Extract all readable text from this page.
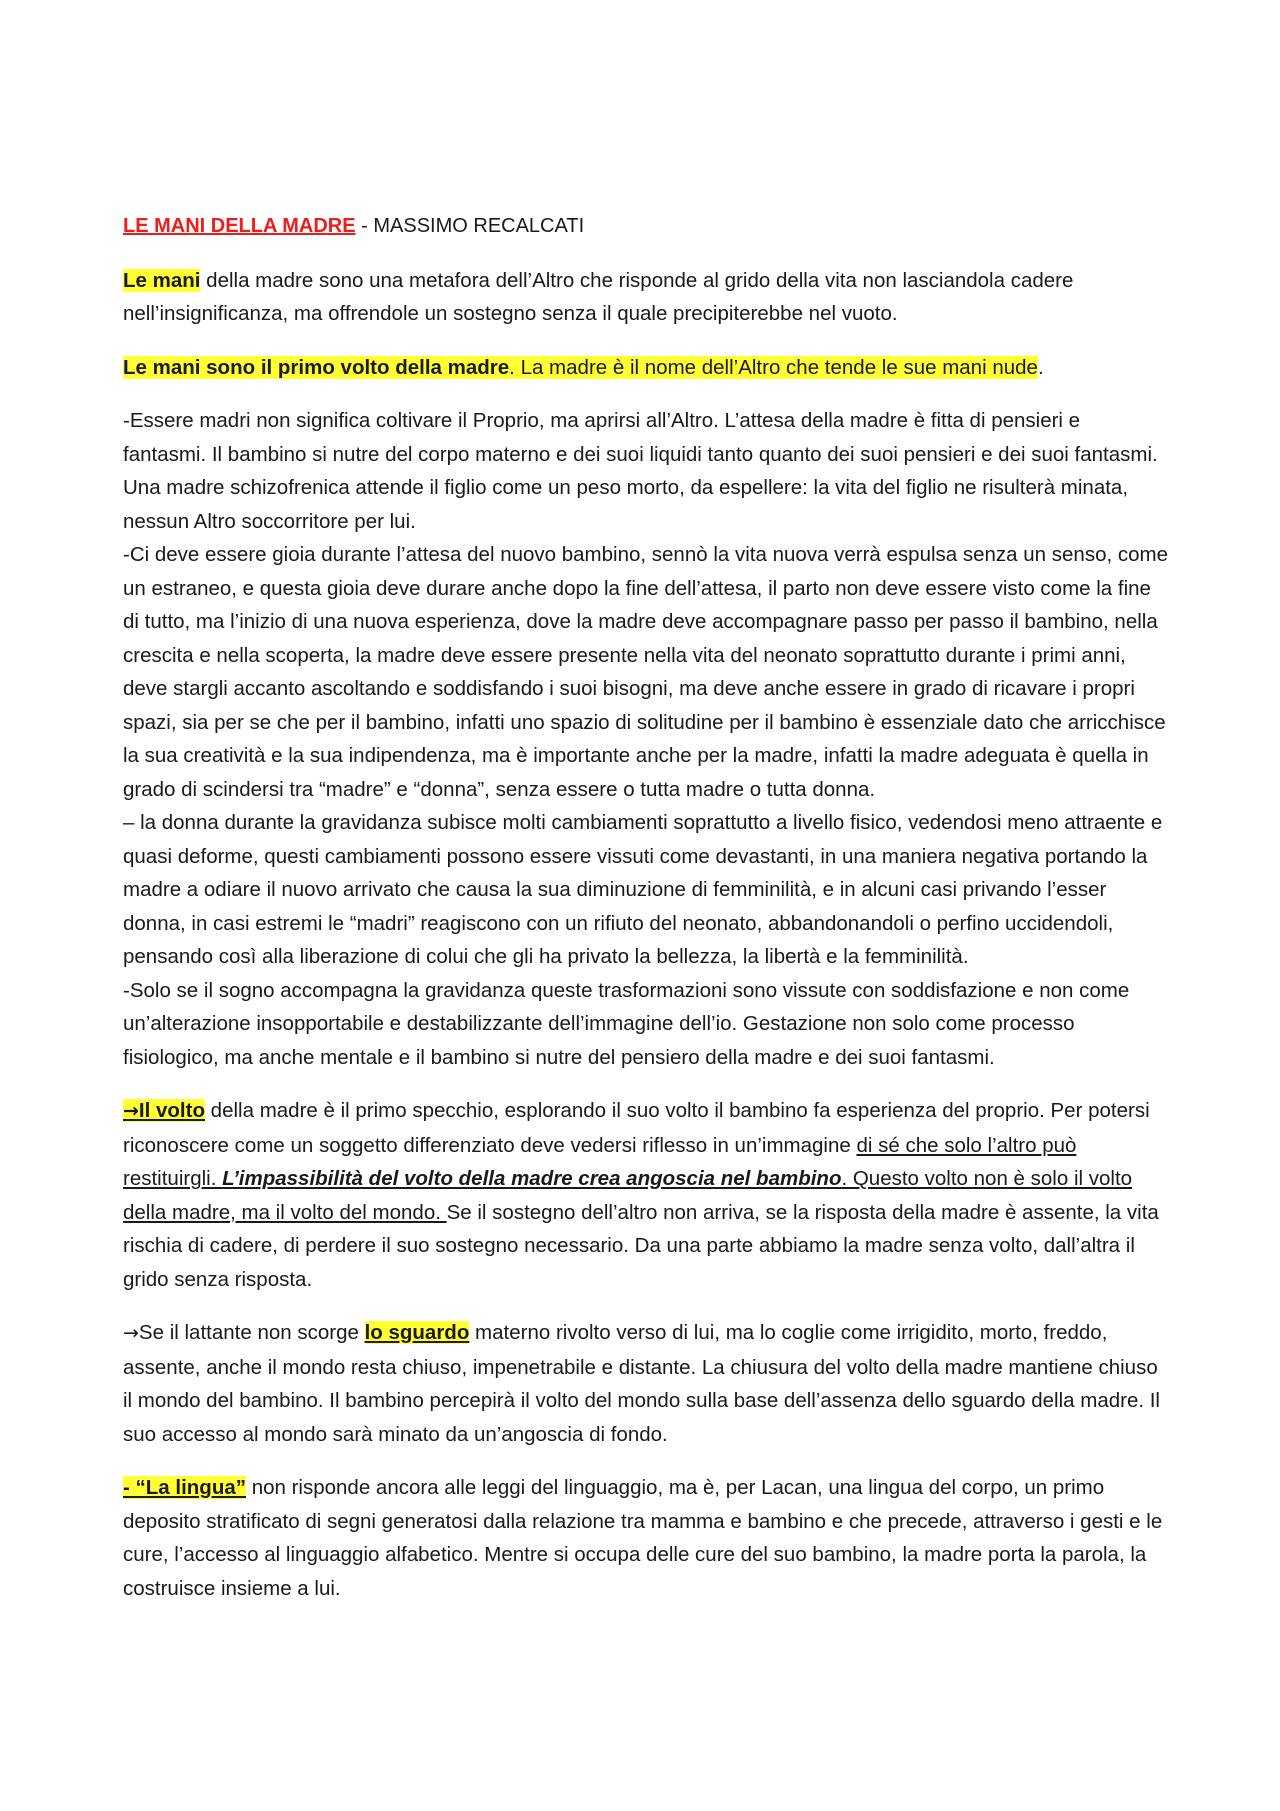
LE MANI DELLA MADRE - MASSIMO RECALCATI

Le mani della madre sono una metafora dell’Altro che risponde al grido della vita non lasciandola cadere nell’insignificanza, ma offrendole un sostegno senza il quale precipiterebbe nel vuoto.

Le mani sono il primo volto della madre. La madre è il nome dell’Altro che tende le sue mani nude.

-Essere madri non significa coltivare il Proprio, ma aprirsi all’Altro. L’attesa della madre è fitta di pensieri e fantasmi. Il bambino si nutre del corpo materno e dei suoi liquidi tanto quanto dei suoi pensieri e dei suoi fantasmi. Una madre schizofrenica attende il figlio come un peso morto, da espellere: la vita del figlio ne risulterà minata, nessun Altro soccorritore per lui.

-Ci deve essere gioia durante l’attesa del nuovo bambino, sennò la vita nuova verrà espulsa senza un senso, come un estraneo, e questa gioia deve durare anche dopo la fine dell’attesa, il parto non deve essere visto come la fine di tutto, ma l’inizio di una nuova esperienza, dove la madre deve accompagnare passo per passo il bambino, nella crescita e nella scoperta, la madre deve essere presente nella vita del neonato soprattutto durante i primi anni, deve stargli accanto ascoltando e soddisfando i suoi bisogni, ma deve anche essere in grado di ricavare i propri spazi, sia per se che per il bambino, infatti uno spazio di solitudine per il bambino è essenziale dato che arricchisce la sua creatività e la sua indipendenza, ma è importante anche per la madre, infatti la madre adeguata è quella in grado di scindersi tra “madre” e “donna”, senza essere o tutta madre o tutta donna.

– la donna durante la gravidanza subisce molti cambiamenti soprattutto a livello fisico, vedendosi meno attraente e quasi deforme, questi cambiamenti possono essere vissuti come devastanti, in una maniera negativa portando la madre a odiare il nuovo arrivato che causa la sua diminuzione di femminilità, e in alcuni casi privando l’esser donna, in casi estremi le “madri” reagiscono con un rifiuto del neonato, abbandonandoli o perfino uccidendoli, pensando così alla liberazione di colui che gli ha privato la bellezza, la libertà e la femminilità.

-Solo se il sogno accompagna la gravidanza queste trasformazioni sono vissute con soddisfazione e non come un’alterazione insopportabile e destabilizzante dell’immagine dell’io. Gestazione non solo come processo fisiologico, ma anche mentale e il bambino si nutre del pensiero della madre e dei suoi fantasmi.

→Il volto della madre è il primo specchio, esplorando il suo volto il bambino fa esperienza del proprio. Per potersi riconoscere come un soggetto differenziato deve vedersi riflesso in un’immagine di sé che solo l’altro può restituirgli. L’impassibilità del volto della madre crea angoscia nel bambino. Questo volto non è solo il volto della madre, ma il volto del mondo. Se il sostegno dell’altro non arriva, se la risposta della madre è assente, la vita rischia di cadere, di perdere il suo sostegno necessario. Da una parte abbiamo la madre senza volto, dall’altra il grido senza risposta.

→Se il lattante non scorge lo sguardo materno rivolto verso di lui, ma lo coglie come irrigidito, morto, freddo, assente, anche il mondo resta chiuso, impenetrabile e distante. La chiusura del volto della madre mantiene chiuso il mondo del bambino. Il bambino percepirà il volto del mondo sulla base dell’assenza dello sguardo della madre. Il suo accesso al mondo sarà minato da un’angoscia di fondo.

- “La lingua” non risponde ancora alle leggi del linguaggio, ma è, per Lacan, una lingua del corpo, un primo deposito stratificato di segni generatosi dalla relazione tra mamma e bambino e che precede, attraverso i gesti e le cure, l’accesso al linguaggio alfabetico. Mentre si occupa delle cure del suo bambino, la madre porta la parola, la costruisce insieme a lui.
